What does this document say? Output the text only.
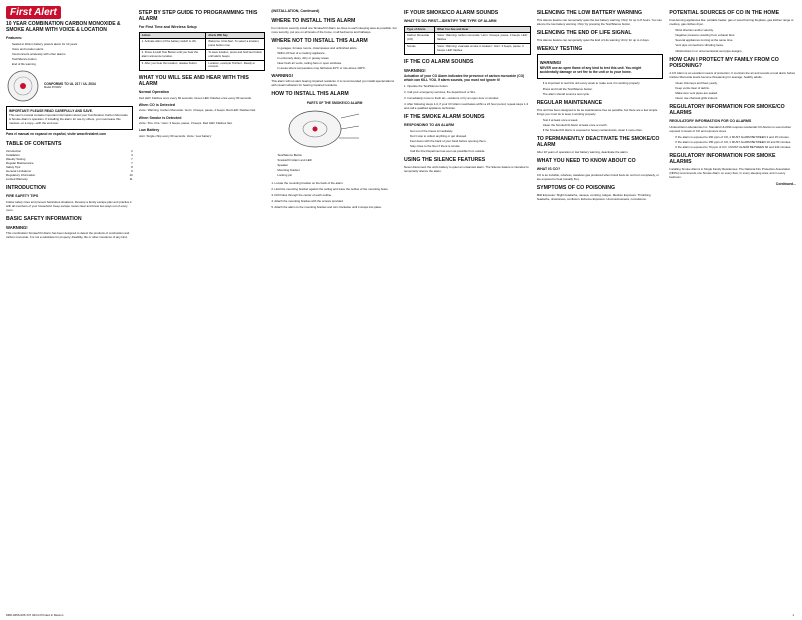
First Alert
10 YEAR COMBINATION CARBON MONOXIDE & SMOKE ALARM WITH VOICE & LOCATION
Features:
• Sealed-in lithium battery powers alarm for 10 years
• Voice and location alerts
• Interconnects wirelessly with other alarms
• Test/Silence button
• End of life warning
CONFORMS TO UL 217 / UL 2034
Model PC900V
IMPORTANT! PLEASE READ CAREFULLY AND SAVE.

This user's manual contains important information about your Combination Carbon Monoxide & Smoke Alarm's operation. If installing the alarm for use by others, you must leave this manual—or a copy—with the end user.

Para el manual en espanol en español, visite www.firstalert.com

TABLE OF CONTENTS
Introduction	2
Installation	3
Weekly Testing	7
Regular Maintenance	7
Safety Tips	8
General Limitations	9
Regulatory Information	10
Limited Warranty	11
INTRODUCTION
FIRE SAFETY TIPS

Follow safety rules and prevent hazardous situations. Develop a family escape plan and practice it with all members of your household. Keep escape routes clear and know two ways out of every room.

BASIC SAFETY INFORMATION
WARNING!

This combination Smoke/CO Alarm has been designed to detect the products of combustion and carbon monoxide. It is not a substitute for property, disability, life or other insurance of any kind.

STEP BY STEP GUIDE TO PROGRAMMING THIS ALARM
For First Time and Wireless Setup
Action	Alarm Will Say
1. Activate Alarm (if the battery switch is off).	Welcome. First Alert. To select a location, press button now.
2. Press & Hold Test Button until you hear the alarm announce location.	To save location, press and hold test button until alarm beeps.
3. After you hear the location, release button.	Location, example 'Kitchen'. Ready to connect.
WHAT YOU WILL SEE AND HEAR WITH THIS ALARM
Normal Operation

Red LED: Flashes once every 60 seconds. Green LED: Flashes once every 60 seconds.

When CO is Detected

Voice: 'Warning. Carbon Monoxide.' Horn: 4 beeps, pause, 4 beeps. Red LED: Flashes fast.

When Smoke is Detected

Voice: 'Fire. Fire.' Horn: 3 beeps, pause, 3 beeps. Red LED: Flashes fast.

Low Battery

Horn: Single chirp every 60 seconds. Voice: 'Low battery.'

(INSTALLATION, Continued)
WHERE TO INSTALL THIS ALARM

For minimum security install one Smoke/CO Alarm as close to each sleeping area as possible. For more security, put one on all levels of the home, in all bedrooms and hallways.

WHERE NOT TO INSTALL THIS ALARM
• In garages, furnace rooms, crawl spaces and unfinished attics.
• Within 20 feet of a cooking appliance.
• In extremely dusty, dirty or greasy areas.
• Near fresh air vents, ceiling fans or open windows.
• In areas where temperature may fall below 40°F or rise above 100°F.
WARNING!

This alarm will not alert hearing impaired residents. It is recommended you install special alarms with visual indicators for hearing impaired residents.

HOW TO INSTALL THIS ALARM
PARTS OF THE SMOKE/CO ALARM
• Test/Silence Button
• Smoke/CO Alarm and LED
• Speaker
• Mounting bracket
• Locking pin

1. Locate the mounting bracket on the back of the alarm.

2. Hold the mounting bracket against the ceiling and trace the outline of the mounting holes.

3. Drill holes through the center of each outline.

4. Attach the mounting bracket with the screws provided.

5. Attach the alarm to the mounting bracket and turn clockwise until it snaps into place.

IF YOUR SMOKE/CO ALARM SOUNDS
WHAT TO DO FIRST—IDENTIFY THE TYPE OF ALARM
Type of Alarm	What You See and Hear
Carbon Monoxide (CO)	Voice: 'Warning: carbon monoxide.' Horn: 4 beeps, pause, 4 beeps. LED: flashes
Smoke	Voice: 'Warning: evacuate smoke in location.' Horn: 3 beeps, pause, 3 beeps. LED: flashes
IF THE CO ALARM SOUNDS
WARNING!

Actuation of your CO Alarm indicates the presence of carbon monoxide (CO) which can KILL YOU. If alarm sounds, you must not ignore it!

1. Operate the Test/Silence button.

2. Call your emergency services, fire department or 911.

3. Immediately move to fresh air—outdoors or by an open door or window.

4. After following steps 1-3, if your CO Alarm reactivates within a 24 hour period, repeat steps 1-3 and call a qualified appliance technician.

IF THE SMOKE ALARM SOUNDS
RESPONDING TO AN ALARM
• Get out of the house immediately.
• Don't stop to collect anything or get dressed.
• Feel doors with the back of your hand before opening them.
• Stay close to the floor if there is smoke.
• Call the Fire Department as soon as possible from outside.
USING THE SILENCE FEATURES

Never disconnect the unit's battery to quiet an unwanted alarm. The Silence feature is intended to temporarily silence the alarm.

SILENCING THE LOW BATTERY WARNING

This silence feature can temporarily quiet the low battery warning 'chirp' for up to 8 hours. You can silence the low battery warning 'chirp' by pressing the Test/Silence button.

SILENCING THE END OF LIFE SIGNAL

This silence feature can temporarily quiet the End of Life warning 'chirp' for up to 2 days.

WEEKLY TESTING
WARNING!

NEVER use an open flame of any kind to test this unit. You might accidentally damage or set fire to the unit or to your home.

• It is important to test this unit every week to make sure it is working properly.
• Press and hold the Test/Silence button.
• The alarm should sound a test cycle.
REGULAR MAINTENANCE

This unit has been designed to be as maintenance-free as possible, but there are a few simple things you must do to keep it working properly.

• Test it at least once a week.
• Clean the Smoke/CO Alarm at least once a month.
• If the Smoke/CO Alarm is exposed to heavy contaminants, clean it more often.
TO PERMANENTLY DEACTIVATE THE SMOKE/CO ALARM

After 10 years of operation or low battery warning, deactivate the alarm.

WHAT YOU NEED TO KNOW ABOUT CO
WHAT IS CO?

CO is an invisible, odorless, tasteless gas produced when fossil fuels do not burn completely, or are exposed to heat (usually fire).

SYMPTOMS OF CO POISONING

Mild Exposure: Slight headache, nausea, vomiting, fatigue. Medium Exposure: Throbbing headache, drowsiness, confusion. Extreme Exposure: Unconsciousness, convulsions.

POTENTIAL SOURCES OF CO IN THE HOME

Fuel-burning appliances like: portable heater, gas or wood burning fireplace, gas kitchen range or cooktop, gas clothes dryer.

• Wind direction and/or velocity.
• Negative pressure resulting from exhaust fans.
• Several appliances running at the same time.
• Vent pipe connections vibrating loose.
• Obstructions in or unconventional vent pipe designs.
HOW CAN I PROTECT MY FAMILY FROM CO POISONING?

A CO Alarm is an excellent means of protection. It monitors the air and sounds a loud alarm before Carbon Monoxide levels become threatening for average, healthy adults.

• Clean chimneys and flues yearly.
• Keep vents clear of debris.
• Make sure vent pipes are sealed.
• Never use charcoal grills indoors.
REGULATORY INFORMATION FOR SMOKE/CO ALARMS
REGULATORY INFORMATION FOR CO ALARMS

Underwriters Laboratories Inc. Standard UL2034 requires residential CO Alarms to sound when exposed to levels of CO and exposure times.

• If the alarm is exposed to 400 ppm of CO, it MUST ALARM BETWEEN 4 and 15 minutes.
• If the alarm is exposed to 150 ppm of CO, it MUST ALARM BETWEEN 10 and 50 minutes.
• If the alarm is exposed to 70 ppm of CO, it MUST ALARM BETWEEN 60 and 240 minutes.
REGULATORY INFORMATION FOR SMOKE ALARMS

Installing Smoke Alarms in Single Family Residences. The National Fire Protection Association (NFPA) recommends one Smoke Alarm on every floor, in every sleeping area, and in every bedroom.

Continued...
M08-0456-006 X/X 02/14 Printed in Mexico	1
